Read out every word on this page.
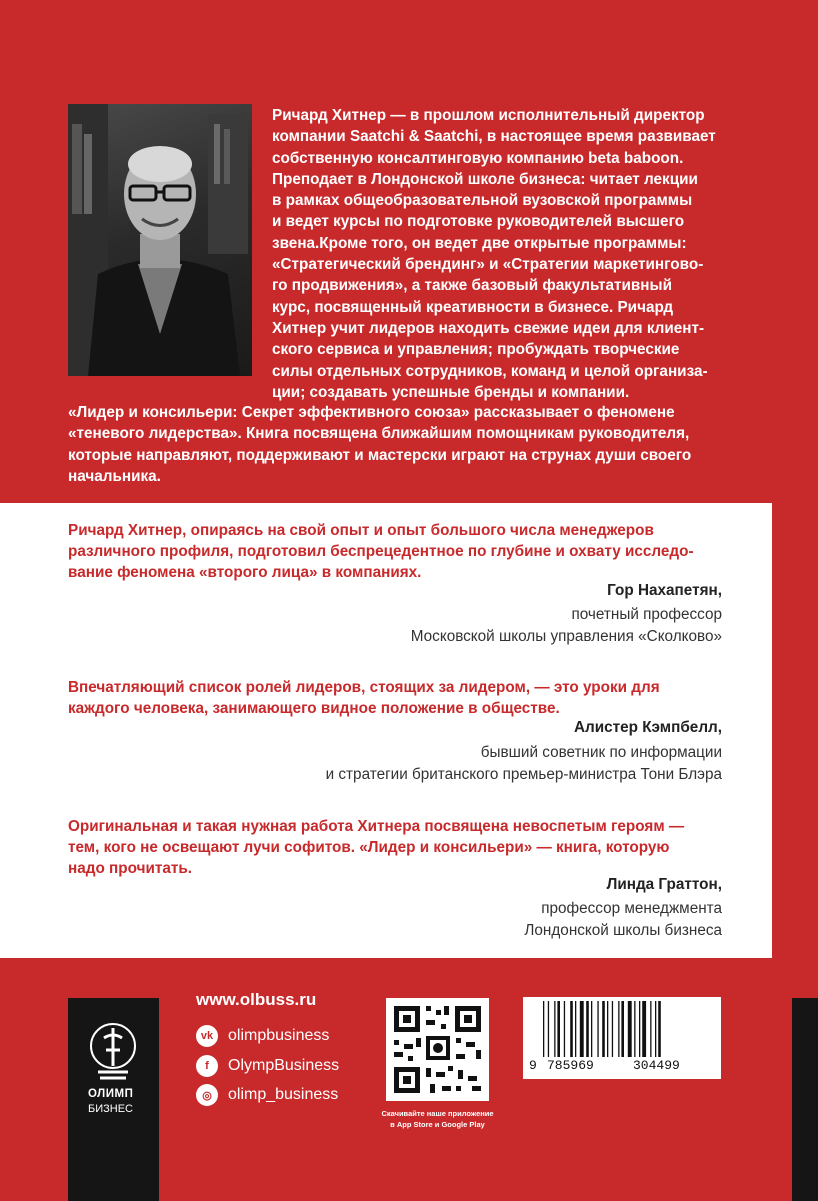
Ричард Хитнер — в прошлом исполнительный директор
компании Saatchi & Saatchi, в настоящее время развивает
собственную консалтинговую компанию beta baboon.
Преподает в Лондонской школе бизнеса: читает лекции
в рамках общеобразовательной вузовской программы
и ведет курсы по подготовке руководителей высшего
звена.Кроме того, он ведет две открытые программы:
«Стратегический брендинг» и «Стратегии маркетингово-
го продвижения», а также базовый факультативный
курс, посвященный креативности в бизнесе. Ричард
Хитнер учит лидеров находить свежие идеи для клиент-
ского сервиса и управления; пробуждать творческие
силы отдельных сотрудников, команд и целой организа-
ции; создавать успешные бренды и компании.

«Лидер и консильери: Секрет эффективного союза» рассказывает о феномене
«теневого лидерства». Книга посвящена ближайшим помощникам руководителя,
которые направляют, поддерживают и мастерски играют на струнах души своего
начальника.

Ричард Хитнер, опираясь на свой опыт и опыт большого числа менеджеров
различного профиля, подготовил беспрецедентное по глубине и охвату исследо-
вание феномена «второго лица» в компаниях.

Гор Нахапетян,
почетный профессор
Московской школы управления «Сколково»

Впечатляющий список ролей лидеров, стоящих за лидером, — это уроки для
каждого человека, занимающего видное положение в обществе.

Алистер Кэмпбелл,
бывший советник по информации
и стратегии британского премьер-министра Тони Блэра

Оригинальная и такая нужная работа Хитнера посвящена невоспетым героям —
тем, кого не освещают лучи софитов. «Лидер и консильери» — книга, которую
надо прочитать.

Линда Граттон,
профессор менеджмента
Лондонской школы бизнеса
ОЛИМП
БИЗНЕС
www.olbuss.ru
vk olimpbusiness
f	OlympBusiness
◎	olimp_business
Скачивайте наше приложение
в App Store и Google Play
9 785969	304499
